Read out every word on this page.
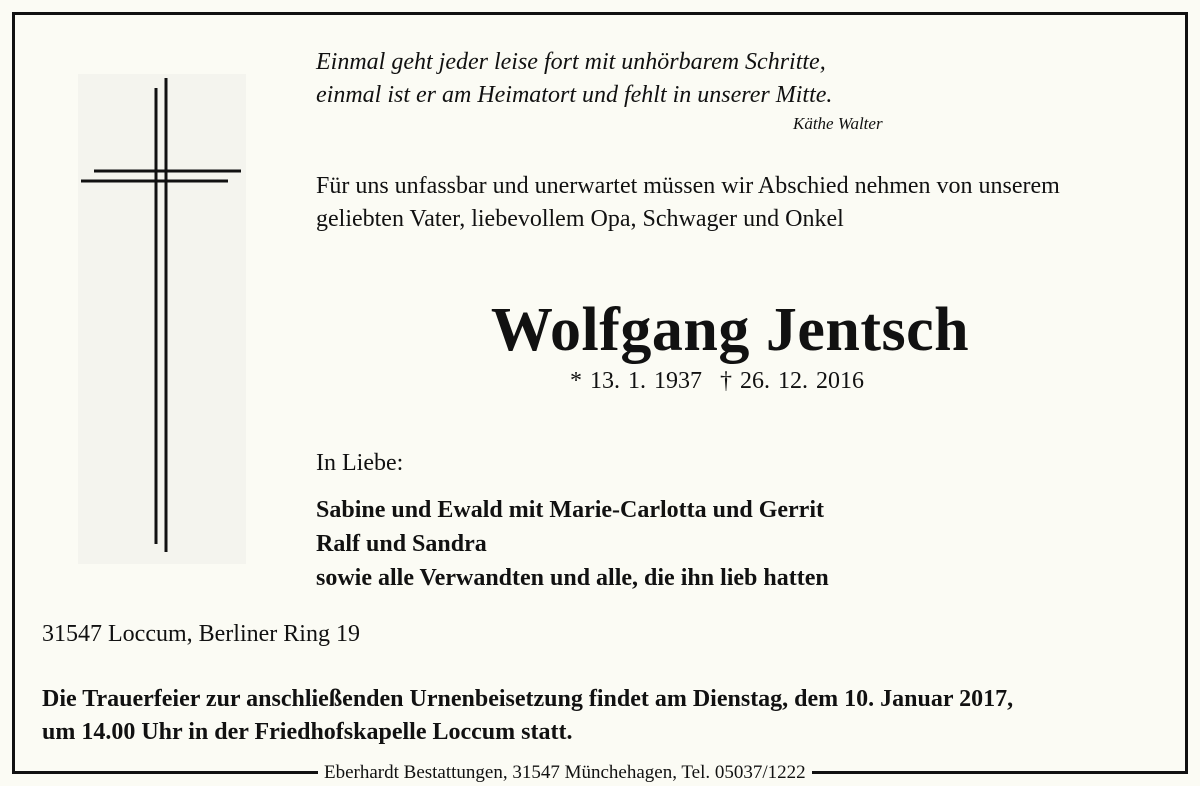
Einmal geht jeder leise fort mit unhörbarem Schritte,
einmal ist er am Heimatort und fehlt in unserer Mitte.
Käthe Walter
Für uns unfassbar und unerwartet müssen wir Abschied nehmen von unserem
geliebten Vater, liebevollem Opa, Schwager und Onkel
Wolfgang Jentsch
* 13. 1. 1937 † 26. 12. 2016
In Liebe:
Sabine und Ewald mit Marie-Carlotta und Gerrit
Ralf und Sandra
sowie alle Verwandten und alle, die ihn lieb hatten
31547 Loccum, Berliner Ring 19
Die Trauerfeier zur anschließenden Urnenbeisetzung findet am Dienstag, dem 10. Januar 2017,
um 14.00 Uhr in der Friedhofskapelle Loccum statt.
Eberhardt Bestattungen, 31547 Münchehagen, Tel. 05037/1222
